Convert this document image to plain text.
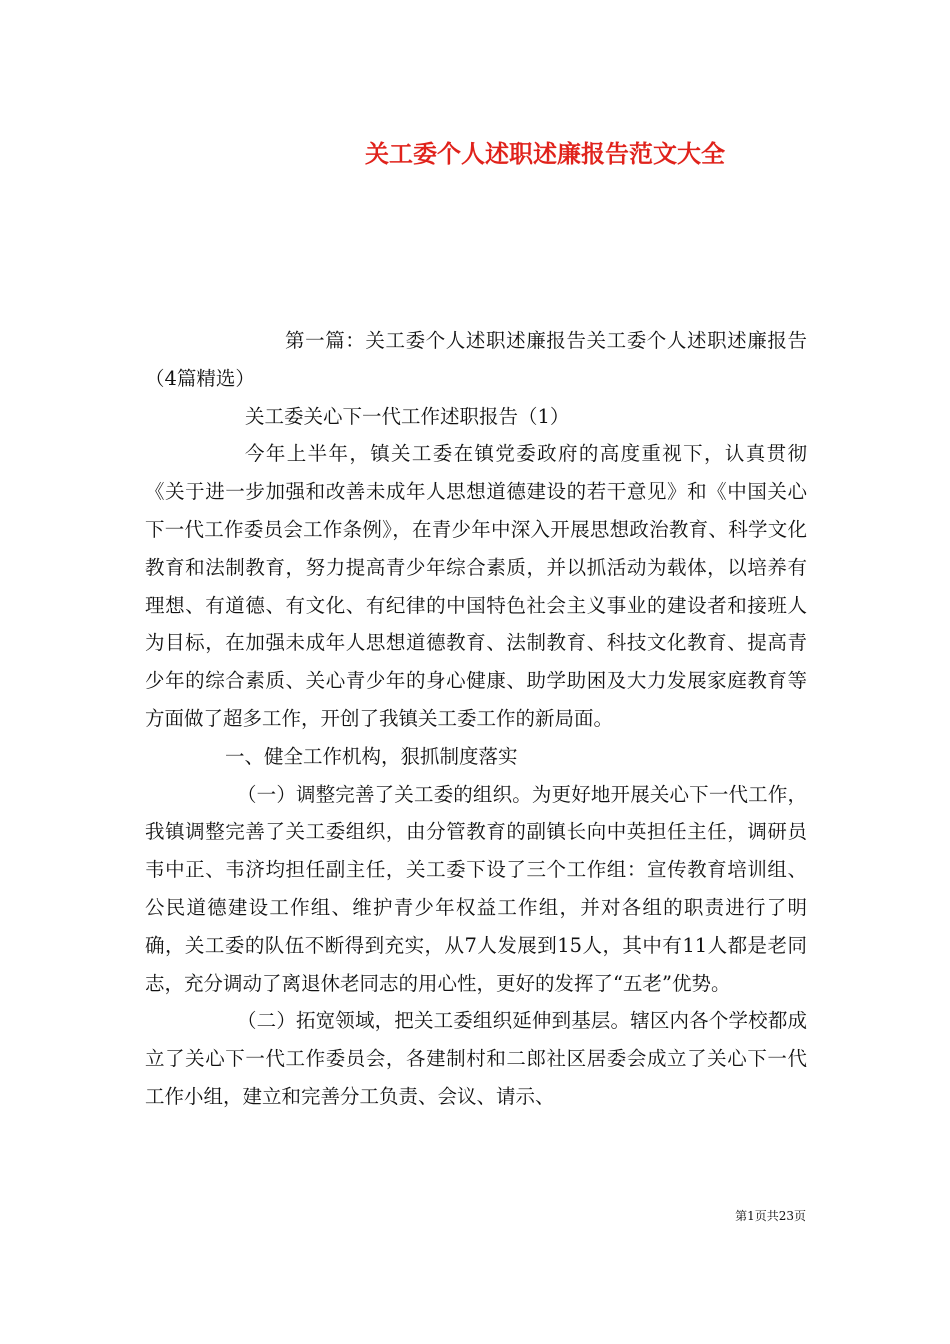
关工委个人述职述廉报告范文大全

第一篇：关工委个人述职述廉报告关工委个人述职述廉报告（4篇精选）

关工委关心下一代工作述职报告（1）

今年上半年，镇关工委在镇党委政府的高度重视下，认真贯彻《关于进一步加强和改善未成年人思想道德建设的若干意见》和《中国关心下一代工作委员会工作条例》，在青少年中深入开展思想政治教育、科学文化教育和法制教育，努力提高青少年综合素质，并以抓活动为载体，以培养有理想、有道德、有文化、有纪律的中国特色社会主义事业的建设者和接班人为目标，在加强未成年人思想道德教育、法制教育、科技文化教育、提高青少年的综合素质、关心青少年的身心健康、助学助困及大力发展家庭教育等方面做了超多工作，开创了我镇关工委工作的新局面。

一、健全工作机构，狠抓制度落实

（一）调整完善了关工委的组织。为更好地开展关心下一代工作，我镇调整完善了关工委组织，由分管教育的副镇长向中英担任主任，调研员韦中正、韦济均担任副主任，关工委下设了三个工作组：宣传教育培训组、公民道德建设工作组、维护青少年权益工作组，并对各组的职责进行了明确，关工委的队伍不断得到充实，从7人发展到15人，其中有11人都是老同志，充分调动了离退休老同志的用心性，更好的发挥了“五老”优势。

（二）拓宽领域，把关工委组织延伸到基层。辖区内各个学校都成立了关心下一代工作委员会，各建制村和二郎社区居委会成立了关心下一代工作小组，建立和完善分工负责、会议、请示、

第1页共23页
